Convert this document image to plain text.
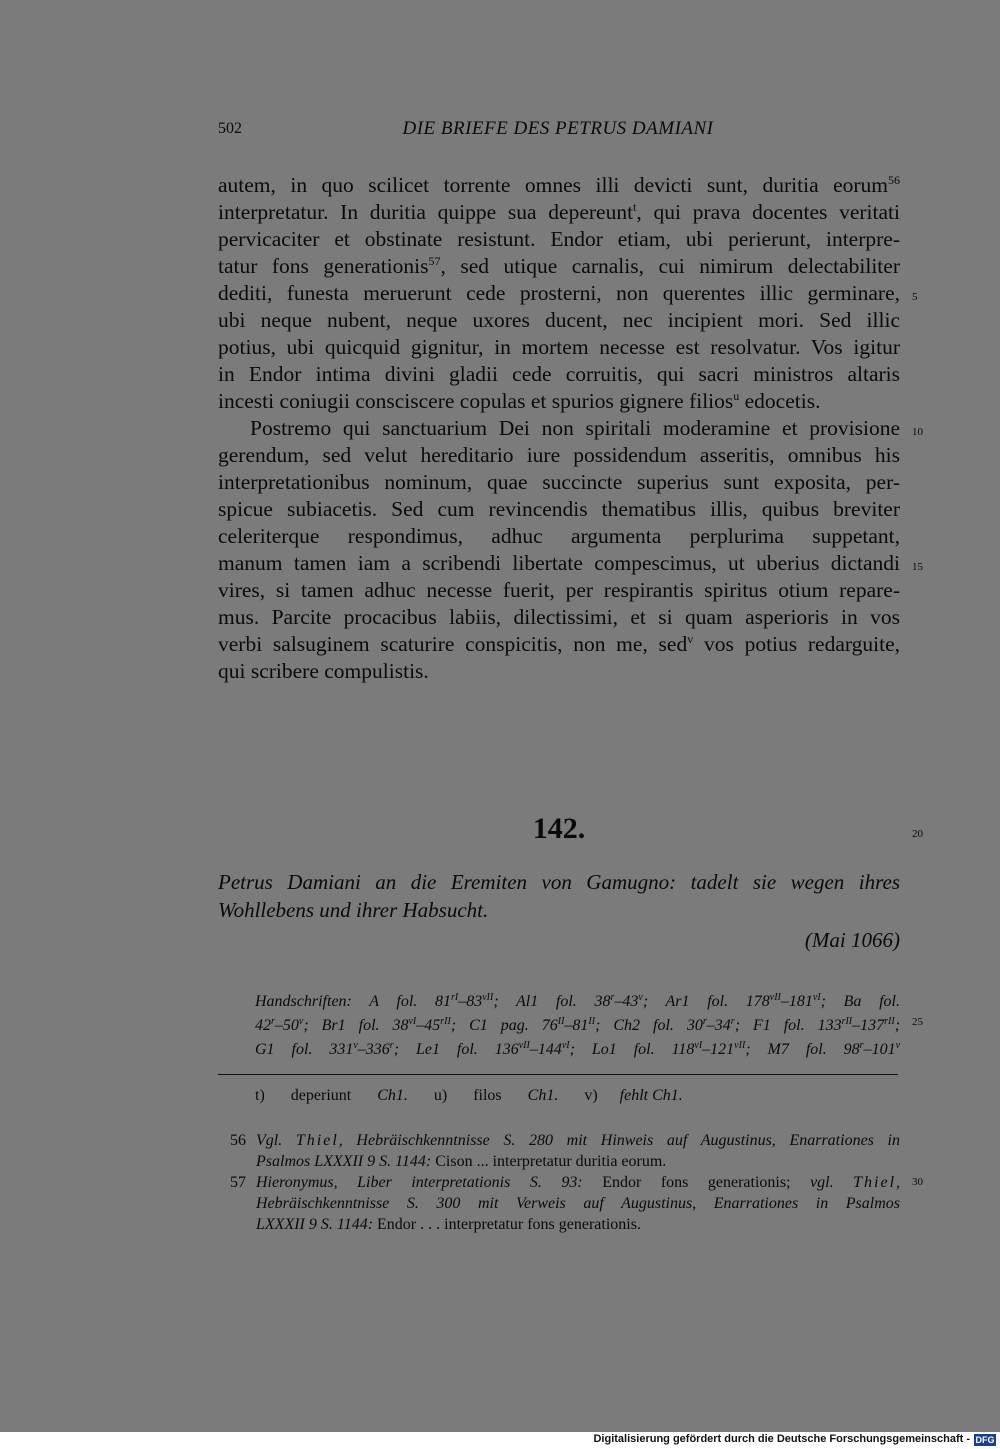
502	DIE BRIEFE DES PETRUS DAMIANI
autem, in quo scilicet torrente omnes illi devicti sunt, duritia eorum$^{56}$
interpretatur. In duritia quippe sua depereunt$^t$, qui prava docentes veritati
pervicaciter et obstinate resistunt. Endor etiam, ubi perierunt, interpre-
tatur fons generationis$^{57}$, sed utique carnalis, cui nimirum delectabiliter
dediti, funesta meruerunt cede prosterni, non querentes illic germinare,
ubi neque nubent, neque uxores ducent, nec incipient mori. Sed illic
potius, ubi quicquid gignitur, in mortem necesse est resolvatur. Vos igitur
in Endor intima divini gladii cede corruitis, qui sacri ministros altaris
incesti coniugii consciscere copulas et spurios gignere filios$^u$ edocetis.
Postremo qui sanctuarium Dei non spiritali moderamine et provisione
gerendum, sed velut hereditario iure possidendum asseritis, omnibus his
interpretationibus nominum, quae succincte superius sunt exposita, per-
spicue subiacetis. Sed cum revincendis thematibus illis, quibus breviter
celeriterque respondimus, adhuc argumenta perplurima suppetant,
manum tamen iam a scribendi libertate compescimus, ut uberius dictandi
vires, si tamen adhuc necesse fuerit, per respirantis spiritus otium repare-
mus. Parcite procacibus labiis, dilectissimi, et si quam asperioris in vos
verbi salsuginem scaturire conspicitis, non me, sed$^v$ vos potius redarguite,
qui scribere compulistis.
5
10
15
20
25
30
142.
Petrus Damiani an die Eremiten von Gamugno: tadelt sie wegen ihres
Wohllebens und ihrer Habsucht.
(Mai 1066)
Handschriften: A fol. $81^{rI}-83^{vII}$; Al1 fol. 38$^r$–43$^v$; Ar1 fol. $178^{vII}-181^{vI}$; Ba fol.
42$^r$–50$^v$; Br1 fol. $38^{vI}-45^{rII}$; C1 pag. $76^{II}-81^{II}$; Ch2 fol. 30$^r$–34$^r$; F1 fol. $133^{rII}-137^{rII}$;
G1 fol. 331$^v$–336$^r$; Le1 fol. $136^{vII}-144^{vI}$; Lo1 fol. $118^{vI}-121^{vII}$; M7 fol. 98$^r$–101$^v$
t) deperiunt Ch1. u) filos Ch1. v) fehlt Ch1.
56 Vgl. Thiel, Hebräischkenntnisse S. 280 mit Hinweis auf Augustinus, Enarrationes in
Psalmos LXXXII 9 S. 1144: Cison ... interpretatur duritia eorum.
57 Hieronymus, Liber interpretationis S. 93: Endor fons generationis; vgl. Thiel,
Hebräischkenntnisse S. 300 mit Verweis auf Augustinus, Enarrationes in Psalmos
LXXXII 9 S. 1144: Endor . . . interpretatur fons generationis.
Digitalisierung gefördert durch die Deutsche Forschungsgemeinschaft - DFG
